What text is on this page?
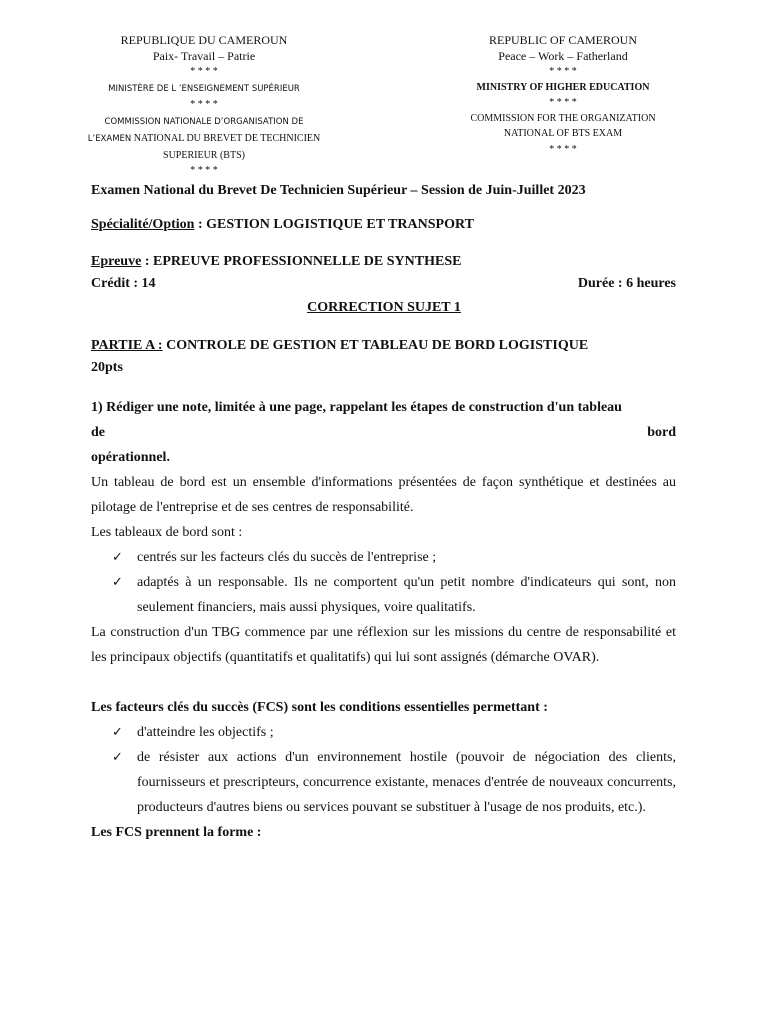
REPUBLIQUE DU CAMEROUN
Paix- Travail – Patrie
* * * *
MINISTÈRE DE L ’ENSEIGNEMENT SUPÉRIEUR
* * * *
COMMISSION NATIONALE D’ORGANISATION DE
L’EXAMEN NATIONAL DU BREVET DE TECHNICIEN
SUPERIEUR (BTS)
* * * *
REPUBLIC OF CAMEROUN
Peace – Work – Fatherland
* * * *
MINISTRY OF HIGHER EDUCATION
* * * *
COMMISSION FOR THE ORGANIZATION
NATIONAL OF BTS EXAM
* * * *
Examen National du Brevet De Technicien Supérieur – Session de Juin-Juillet 2023
Spécialité/Option : GESTION LOGISTIQUE ET TRANSPORT
Epreuve : EPREUVE PROFESSIONNELLE DE SYNTHESE
Crédit : 14	Durée : 6 heures
CORRECTION SUJET 1
PARTIE A : CONTROLE DE GESTION ET TABLEAU DE BORD LOGISTIQUE
20pts
1) Rédiger une note, limitée à une page, rappelant les étapes de construction d'un tableau
de	bord
opérationnel.

Un tableau de bord est un ensemble d'informations présentées de façon synthétique et destinées au pilotage de l'entreprise et de ses centres de responsabilité.

Les tableaux de bord sont :

✓ centrés sur les facteurs clés du succès de l'entreprise ;
✓ adaptés à un responsable. Ils ne comportent qu'un petit nombre d'indicateurs qui sont, non seulement financiers, mais aussi physiques, voire qualitatifs.

La construction d'un TBG commence par une réflexion sur les missions du centre de responsabilité et les principaux objectifs (quantitatifs et qualitatifs) qui lui sont assignés (démarche OVAR).

Les facteurs clés du succès (FCS) sont les conditions essentielles permettant :

✓ d'atteindre les objectifs ;
✓ de résister aux actions d'un environnement hostile (pouvoir de négociation des clients, fournisseurs et prescripteurs, concurrence existante, menaces d'entrée de nouveaux concurrents, producteurs d'autres biens ou services pouvant se substituer à l'usage de nos produits, etc.).

Les FCS prennent la forme :
